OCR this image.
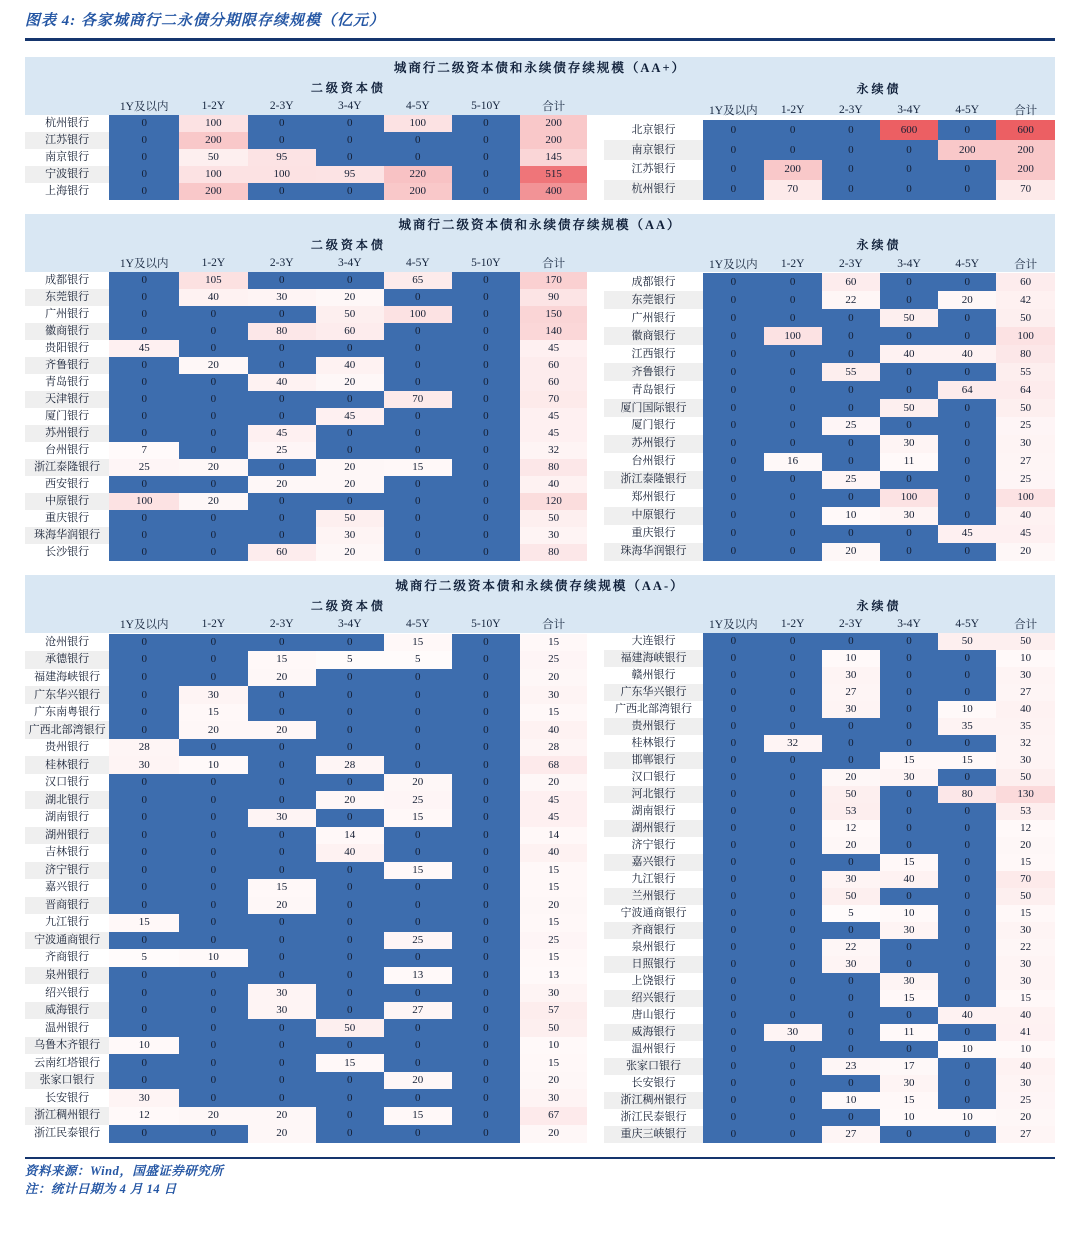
图表 4: 各家城商行二永债分期限存续规模（亿元）
城商行二级资本债和永续债存续规模（AA+）
	二级资本债						
	1Y及以内	1-2Y	2-3Y	3-4Y	4-5Y	5-10Y	合计
杭州银行	0	100	0	0	100	0	200
江苏银行	0	200	0	0	0	0	200
南京银行	0	50	95	0	0	0	145
宁波银行	0	100	100	95	220	0	515
上海银行	0	200	0	0	200	0	400
	永续债					
	1Y及以内	1-2Y	2-3Y	3-4Y	4-5Y	合计
北京银行	0	0	0	600	0	600
南京银行	0	0	0	0	200	200
江苏银行	0	200	0	0	0	200
杭州银行	0	70	0	0	0	70
城商行二级资本债和永续债存续规模（AA）
	二级资本债						
	1Y及以内	1-2Y	2-3Y	3-4Y	4-5Y	5-10Y	合计
成都银行	0	105	0	0	65	0	170
东莞银行	0	40	30	20	0	0	90
广州银行	0	0	0	50	100	0	150
徽商银行	0	0	80	60	0	0	140
贵阳银行	45	0	0	0	0	0	45
齐鲁银行	0	20	0	40	0	0	60
青岛银行	0	0	40	20	0	0	60
天津银行	0	0	0	0	70	0	70
厦门银行	0	0	0	45	0	0	45
苏州银行	0	0	45	0	0	0	45
台州银行	7	0	25	0	0	0	32
浙江泰隆银行	25	20	0	20	15	0	80
西安银行	0	0	20	20	0	0	40
中原银行	100	20	0	0	0	0	120
重庆银行	0	0	0	50	0	0	50
珠海华润银行	0	0	0	30	0	0	30
长沙银行	0	0	60	20	0	0	80
	永续债					
	1Y及以内	1-2Y	2-3Y	3-4Y	4-5Y	合计
成都银行	0	0	60	0	0	60
东莞银行	0	0	22	0	20	42
广州银行	0	0	0	50	0	50
徽商银行	0	100	0	0	0	100
江西银行	0	0	0	40	40	80
齐鲁银行	0	0	55	0	0	55
青岛银行	0	0	0	0	64	64
厦门国际银行	0	0	0	50	0	50
厦门银行	0	0	25	0	0	25
苏州银行	0	0	0	30	0	30
台州银行	0	16	0	11	0	27
浙江泰隆银行	0	0	25	0	0	25
郑州银行	0	0	0	100	0	100
中原银行	0	0	10	30	0	40
重庆银行	0	0	0	0	45	45
珠海华润银行	0	0	20	0	0	20
城商行二级资本债和永续债存续规模（AA-）
	二级资本债						
	1Y及以内	1-2Y	2-3Y	3-4Y	4-5Y	5-10Y	合计
沧州银行	0	0	0	0	15	0	15
承德银行	0	0	15	5	5	0	25
福建海峡银行	0	0	20	0	0	0	20
广东华兴银行	0	30	0	0	0	0	30
广东南粤银行	0	15	0	0	0	0	15
广西北部湾银行	0	20	20	0	0	0	40
贵州银行	28	0	0	0	0	0	28
桂林银行	30	10	0	28	0	0	68
汉口银行	0	0	0	0	20	0	20
湖北银行	0	0	0	20	25	0	45
湖南银行	0	0	30	0	15	0	45
湖州银行	0	0	0	14	0	0	14
吉林银行	0	0	0	40	0	0	40
济宁银行	0	0	0	0	15	0	15
嘉兴银行	0	0	15	0	0	0	15
晋商银行	0	0	20	0	0	0	20
九江银行	15	0	0	0	0	0	15
宁波通商银行	0	0	0	0	25	0	25
齐商银行	5	10	0	0	0	0	15
泉州银行	0	0	0	0	13	0	13
绍兴银行	0	0	30	0	0	0	30
威海银行	0	0	30	0	27	0	57
温州银行	0	0	0	50	0	0	50
乌鲁木齐银行	10	0	0	0	0	0	10
云南红塔银行	0	0	0	15	0	0	15
张家口银行	0	0	0	0	20	0	20
长安银行	30	0	0	0	0	0	30
浙江稠州银行	12	20	20	0	15	0	67
浙江民泰银行	0	0	20	0	0	0	20
	永续债					
	1Y及以内	1-2Y	2-3Y	3-4Y	4-5Y	合计
大连银行	0	0	0	0	50	50
福建海峡银行	0	0	10	0	0	10
赣州银行	0	0	30	0	0	30
广东华兴银行	0	0	27	0	0	27
广西北部湾银行	0	0	30	0	10	40
贵州银行	0	0	0	0	35	35
桂林银行	0	32	0	0	0	32
邯郸银行	0	0	0	15	15	30
汉口银行	0	0	20	30	0	50
河北银行	0	0	50	0	80	130
湖南银行	0	0	53	0	0	53
湖州银行	0	0	12	0	0	12
济宁银行	0	0	20	0	0	20
嘉兴银行	0	0	0	15	0	15
九江银行	0	0	30	40	0	70
兰州银行	0	0	50	0	0	50
宁波通商银行	0	0	5	10	0	15
齐商银行	0	0	0	30	0	30
泉州银行	0	0	22	0	0	22
日照银行	0	0	30	0	0	30
上饶银行	0	0	0	30	0	30
绍兴银行	0	0	0	15	0	15
唐山银行	0	0	0	0	40	40
威海银行	0	30	0	11	0	41
温州银行	0	0	0	0	10	10
张家口银行	0	0	23	17	0	40
长安银行	0	0	0	30	0	30
浙江稠州银行	0	0	10	15	0	25
浙江民泰银行	0	0	0	10	10	20
重庆三峡银行	0	0	27	0	0	27
资料来源：Wind，国盛证券研究所
注：统计日期为 4 月 14 日
